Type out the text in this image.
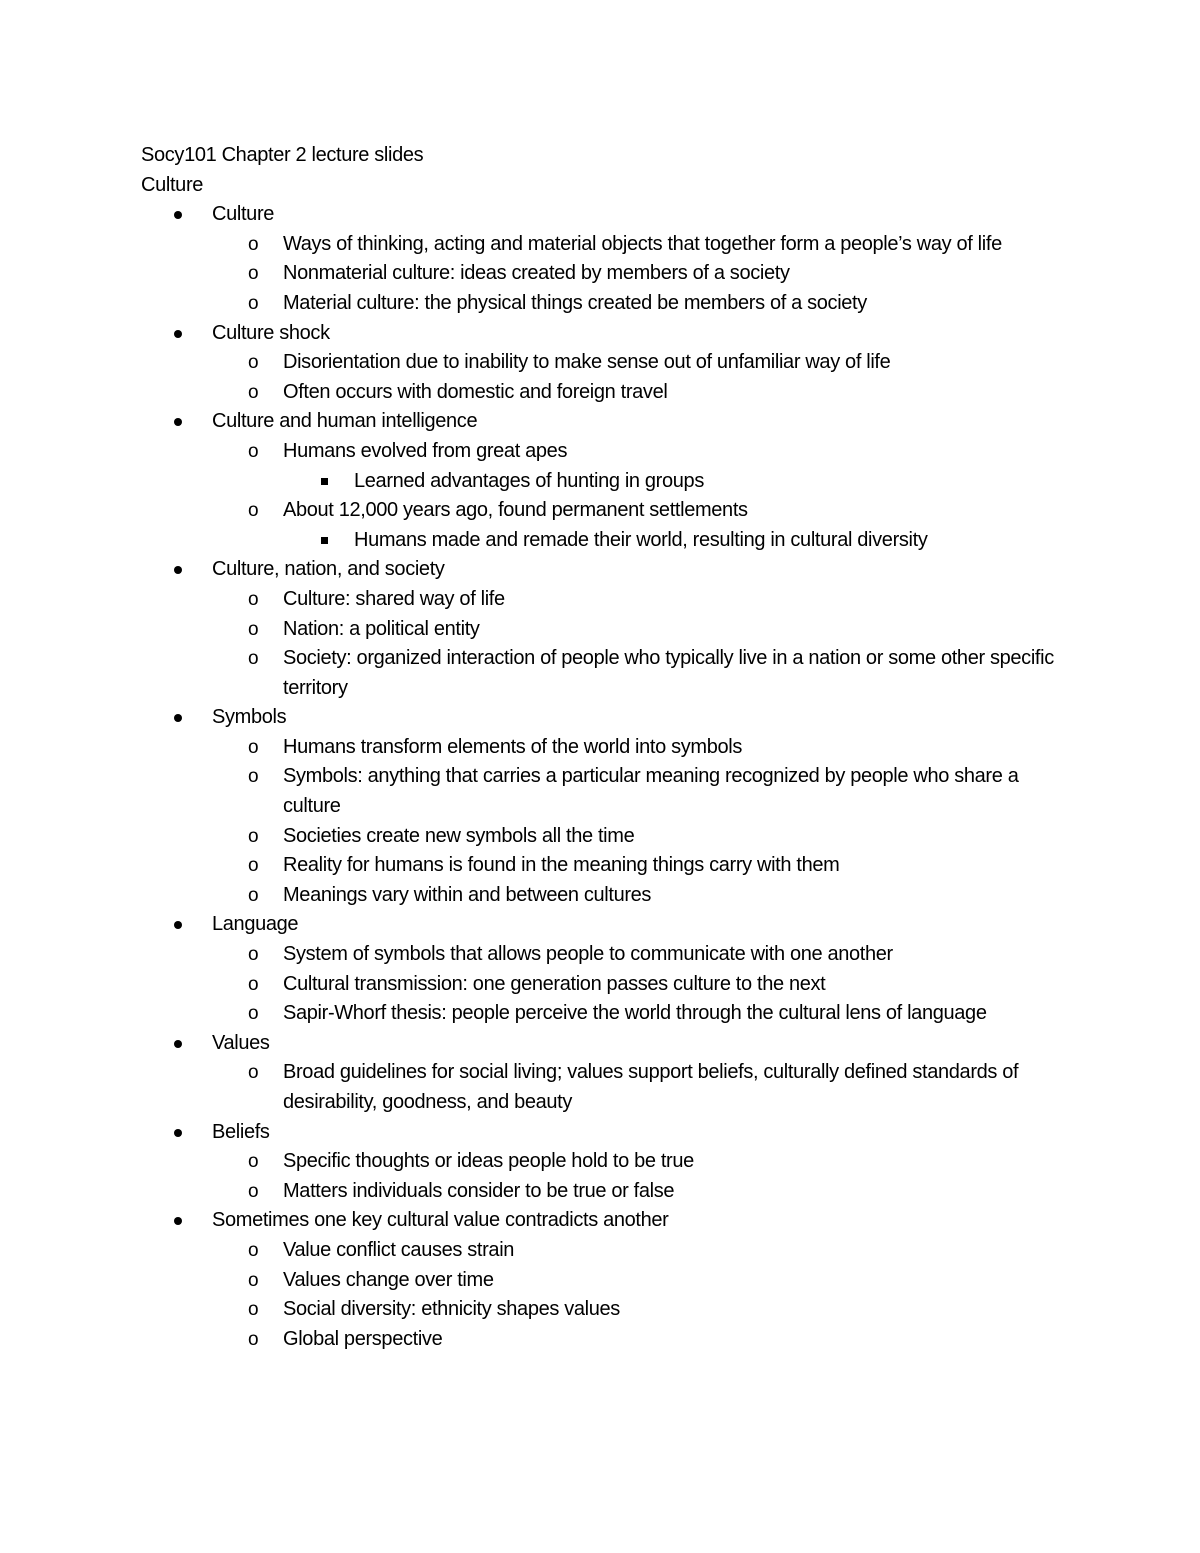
Socy101 Chapter 2 lecture slides

Culture

Culture
o Ways of thinking, acting and material objects that together form a people’s way of life
o Nonmaterial culture: ideas created by members of a society
o Material culture: the physical things created be members of a society
Culture shock
o Disorientation due to inability to make sense out of unfamiliar way of life
o Often occurs with domestic and foreign travel
Culture and human intelligence
o Humans evolved from great apes
Learned advantages of hunting in groups
o About 12,000 years ago, found permanent settlements
Humans made and remade their world, resulting in cultural diversity
Culture, nation, and society
o Culture: shared way of life
o Nation: a political entity
o Society: organized interaction of people who typically live in a nation or some other specific territory
Symbols
o Humans transform elements of the world into symbols
o Symbols: anything that carries a particular meaning recognized by people who share a culture
o Societies create new symbols all the time
o Reality for humans is found in the meaning things carry with them
o Meanings vary within and between cultures
Language
o System of symbols that allows people to communicate with one another
o Cultural transmission: one generation passes culture to the next
o Sapir-Whorf thesis: people perceive the world through the cultural lens of language
Values
o Broad guidelines for social living; values support beliefs, culturally defined standards of desirability, goodness, and beauty
Beliefs
o Specific thoughts or ideas people hold to be true
o Matters individuals consider to be true or false
Sometimes one key cultural value contradicts another
o Value conflict causes strain
o Values change over time
o Social diversity: ethnicity shapes values
o Global perspective
